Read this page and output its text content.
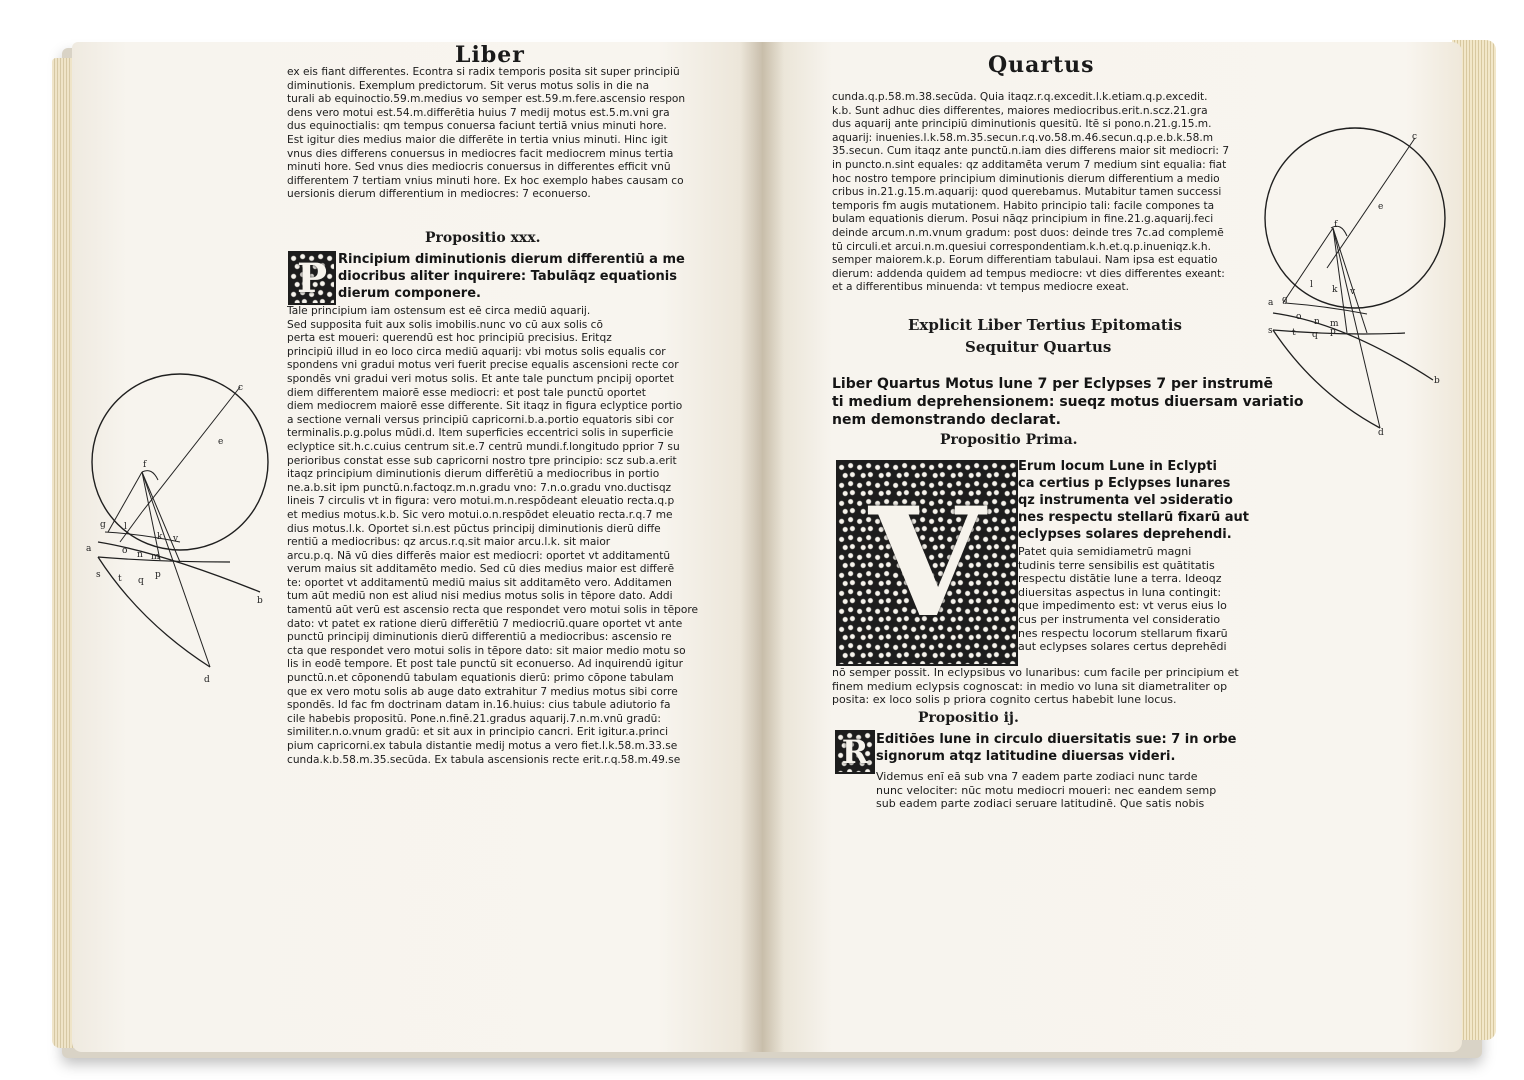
Liber
ex eis fiant differentes. Econtra si radix temporis posita sit super principiū
diminutionis. Exemplum predictorum. Sit verus motus solis in die na
turali ab equinoctio.59.m.medius vo semper est.59.m.fere.ascensio respon
dens vero motui est.54.m.differētia huius 7 medij motus est.5.m.vni gra
dus equinoctialis: qm tempus conuersa faciunt tertiā vnius minuti hore.
Est igitur dies medius maior die differēte in tertia vnius minuti. Hinc igit
vnus dies differens conuersus in mediocres facit mediocrem minus tertia
minuti hore. Sed vnus dies mediocris conuersus in differentes efficit vnū
differentem 7 tertiam vnius minuti hore. Ex hoc exemplo habes causam co
uersionis dierum differentium in mediocres: 7 econuerso.
Propositio xxx.
P Rincipium diminutionis dierum differentiū a me
diocribus aliter inquirere: Tabulāqz equationis
dierum componere.
Tale principium iam ostensum est eē circa mediū aquarij.
Sed supposita fuit aux solis imobilis.nunc vo cū aux solis cō
perta est moueri: querendū est hoc principiū precisius. Eritqz
principiū illud in eo loco circa mediū aquarij: vbi motus solis equalis cor
spondens vni gradui motus veri fuerit precise equalis ascensioni recte cor
spondēs vni gradui veri motus solis. Et ante tale punctum pncipij oportet
diem differentem maiorē esse mediocri: et post tale punctū oportet
diem mediocrem maiorē esse differente. Sit itaqz in figura eclyptice portio
a sectione vernali versus principiū capricorni.b.a.portio equatoris sibi cor
terminalis.p.g.polus mūdi.d. Item superficies eccentrici solis in superficie
eclyptice sit.h.c.cuius centrum sit.e.7 centrū mundi.f.longitudo pprior 7 su
perioribus constat esse sub capricorni nostro tpre principio: scz sub.a.erit
itaqz principium diminutionis dierum differētiū a mediocribus in portio
ne.a.b.sit ipm punctū.n.factoqz.m.n.gradu vno: 7.n.o.gradu vno.ductisqz
lineis 7 circulis vt in figura: vero motui.m.n.respōdeant eleuatio recta.q.p
et medius motus.k.b. Sic vero motui.o.n.respōdet eleuatio recta.r.q.7 me
dius motus.l.k. Oportet si.n.est pūctus principij diminutionis dierū diffe
rentiū a mediocribus: qz arcus.r.q.sit maior arcu.l.k. sit maior
arcu.p.q. Nā vū dies differēs maior est mediocri: oportet vt additamentū
verum maius sit additamēto medio. Sed cū dies medius maior est differē
te: oportet vt additamentū mediū maius sit additamēto vero. Additamen
tum aūt mediū non est aliud nisi medius motus solis in tēpore dato. Addi
tamentū aūt verū est ascensio recta que respondet vero motui solis in tēpore
dato: vt patet ex ratione dierū differētiū 7 mediocriū.quare oportet vt ante
punctū principij diminutionis dierū differentiū a mediocribus: ascensio re
cta que respondet vero motui solis in tēpore dato: sit maior medio motu so
lis in eodē tempore. Et post tale punctū sit econuerso. Ad inquirendū igitur
punctū.n.et cōponendū tabulam equationis dierū: primo cōpone tabulam
que ex vero motu solis ab auge dato extrahitur 7 medius motus sibi corre
spondēs. Id fac fm doctrinam datam in.16.huius: cius tabule adiutorio fa
cile habebis propositū. Pone.n.finē.21.gradus aquarij.7.n.m.vnū gradū:
similiter.n.o.vnum gradū: et sit aux in principio cancri. Erit igitur.a.princi
pium capricorni.ex tabula distantie medij motus a vero fiet.l.k.58.m.33.se
cunda.k.b.58.m.35.secūda. Ex tabula ascensionis recte erit.r.q.58.m.49.se
c
e
f
l
k v
g
a	o n m
s t q
p
b
d
Quartus
cunda.q.p.58.m.38.secūda. Quia itaqz.r.q.excedit.l.k.etiam.q.p.excedit.
k.b. Sunt adhuc dies differentes, maiores mediocribus.erit.n.scz.21.gra
dus aquarij ante principiū diminutionis quesitū. Itē si pono.n.21.g.15.m.
aquarij: inuenies.l.k.58.m.35.secun.r.q.vo.58.m.46.secun.q.p.e.b.k.58.m
35.secun. Cum itaqz ante punctū.n.iam dies differens maior sit mediocri: 7
in puncto.n.sint equales: qz additamēta verum 7 medium sint equalia: fiat
hoc nostro tempore principium diminutionis dierum differentium a medio
cribus in.21.g.15.m.aquarij: quod querebamus. Mutabitur tamen successi
temporis fm augis mutationem. Habito principio tali: facile compones ta
bulam equationis dierum. Posui nāqz principium in fine.21.g.aquarij.feci
deinde arcum.n.m.vnum gradum: post duos: deinde tres 7c.ad complemē
tū circuli.et arcui.n.m.quesiui correspondentiam.k.h.et.q.p.inueniqz.k.h.
semper maiorem.k.p. Eorum differentiam tabulaui. Nam ipsa est equatio
dierum: addenda quidem ad tempus mediocre: vt dies differentes exeant:
et a differentibus minuenda: vt tempus mediocre exeat.
Explicit Liber Tertius Epitomatis
Sequitur Quartus
Liber Quartus Motus lune 7 per Eclypses 7 per instrumē
ti medium deprehensionem: sueqz motus diuersam variatio
nem demonstrando declarat.
Propositio Prima.
V
Erum locum Lune in Eclypti
ca certius p Eclypses lunares
qz instrumenta vel ɔsideratio
nes respectu stellarū fixarū aut
eclypses solares deprehendi.
Patet quia semidiametrū magni
tudinis terre sensibilis est quātitatis
respectu distātie lune a terra. Ideoqz
diuersitas aspectus in luna contingit:
que impedimento est: vt verus eius lo
cus per instrumenta vel consideratio
nes respectu locorum stellarum fixarū
aut eclypses solares certus deprehēdi
nō semper possit. In eclypsibus vo lunaribus: cum facile per principium et
finem medium eclypsis cognoscat: in medio vo luna sit diametraliter op
posita: ex loco solis p priora cognito certus habebit lune locus.
Propositio ij.
R Editiōes lune in circulo diuersitatis sue: 7 in orbe
signorum atqz latitudine diuersas videri.
Videmus enī eā sub vna 7 eadem parte zodiaci nunc tarde
nunc velociter: nūc motu mediocri moueri: nec eandem semp
sub eadem parte zodiaci seruare latitudinē. Que satis nobis
c
e
f
l k v
g
a
o n m
s t q p
b
d
